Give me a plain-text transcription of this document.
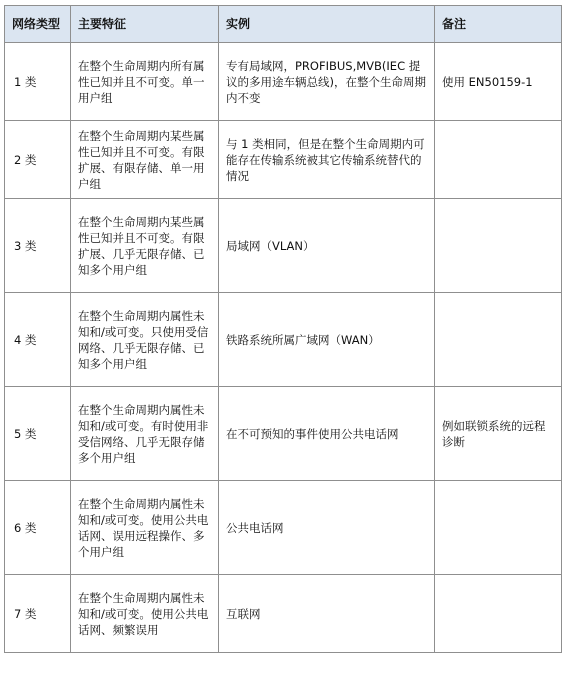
网络类型	主要特征	实例	备注
1 类	在整个生命周期内所有属性已知并且不可变。单一用户组	专有局域网，PROFIBUS,MVB(IEC 提议的多用途车辆总线)，在整个生命周期内不变	使用 EN50159-1
2 类	在整个生命周期内某些属性已知并且不可变。有限扩展、有限存储、单一用户组	与 1 类相同，但是在整个生命周期内可能存在传输系统被其它传输系统替代的情况	
3 类	在整个生命周期内某些属性已知并且不可变。有限扩展、几乎无限存储、已知多个用户组	局域网（VLAN）	
4 类	在整个生命周期内属性未知和/或可变。只使用受信网络、几乎无限存储、已知多个用户组	铁路系统所属广域网（WAN）	
5 类	在整个生命周期内属性未知和/或可变。有时使用非受信网络、几乎无限存储多个用户组	在不可预知的事件使用公共电话网	例如联锁系统的远程诊断
6 类	在整个生命周期内属性未知和/或可变。使用公共电话网、误用远程操作、多个用户组	公共电话网	
7 类	在整个生命周期内属性未知和/或可变。使用公共电话网、频繁误用	互联网	
